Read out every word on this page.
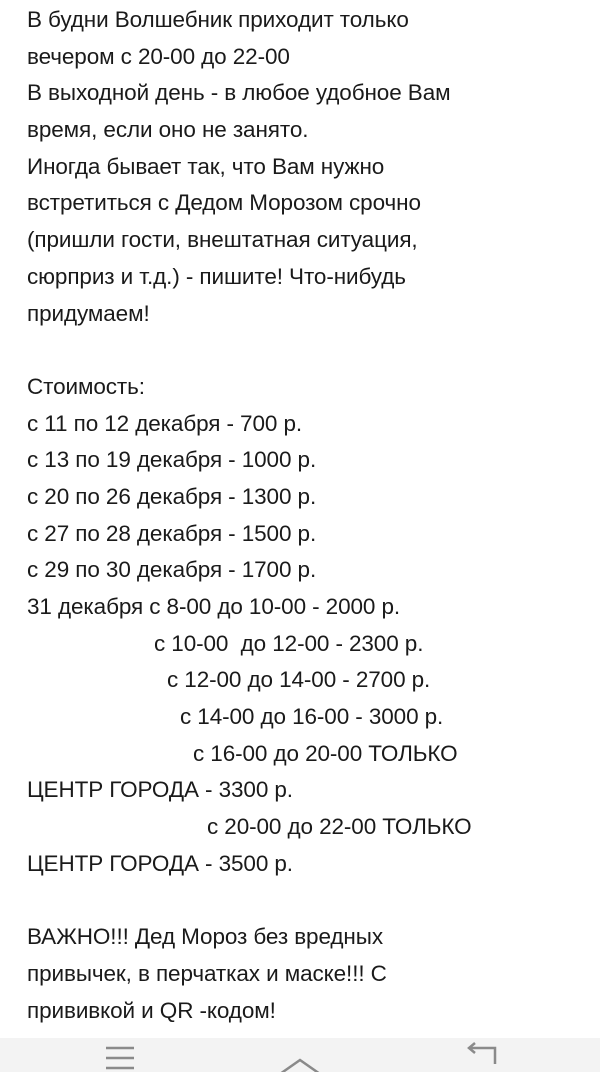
В будни Волшебник приходит только
вечером с 20-00 до 22-00
В выходной день - в любое удобное Вам
время, если оно не занято.
Иногда бывает так, что Вам нужно
встретиться с Дедом Морозом срочно
(пришли гости, внештатная ситуация,
сюрприз и т.д.) - пишите! Что-нибудь
придумаем!
Стоимость:
с 11 по 12 декабря - 700 р.
с 13 по 19 декабря - 1000 р.
с 20 по 26 декабря - 1300 р.
с 27 по 28 декабря - 1500 р.
с 29 по 30 декабря - 1700 р.
31 декабря с 8-00 до 10-00 - 2000 р.
с 10-00  до 12-00 - 2300 р.
с 12-00 до 14-00 - 2700 р.
с 14-00 до 16-00 - 3000 р.
с 16-00 до 20-00 ТОЛЬКО
ЦЕНТР ГОРОДА - 3300 р.
с 20-00 до 22-00 ТОЛЬКО
ЦЕНТР ГОРОДА - 3500 р.
ВАЖНО!!! Дед Мороз без вредных
привычек, в перчатках и маске!!! С
прививкой и QR -кодом!
